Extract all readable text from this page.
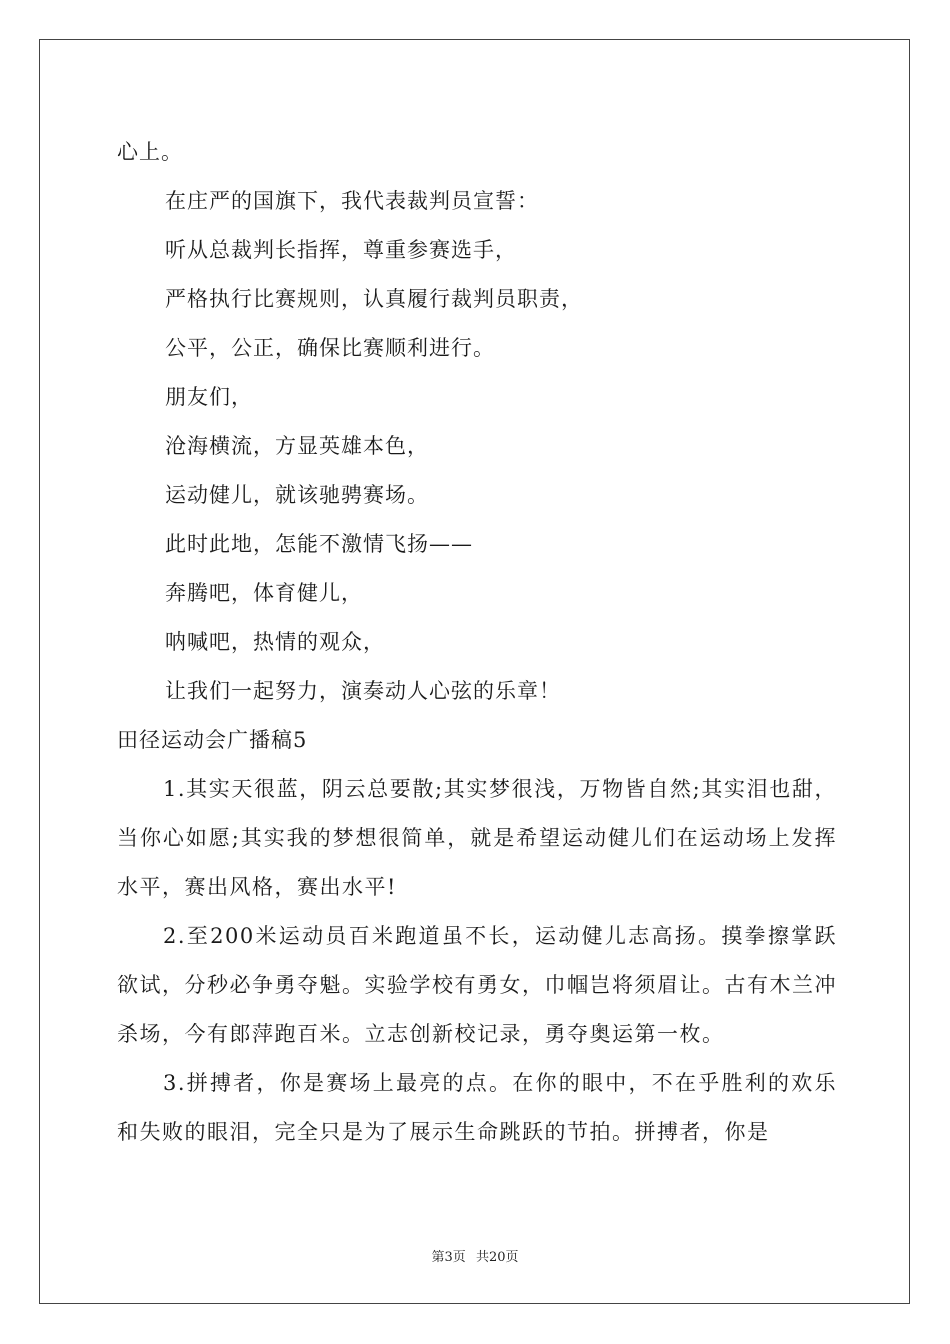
心上。
在庄严的国旗下，我代表裁判员宣誓：
听从总裁判长指挥，尊重参赛选手，
严格执行比赛规则，认真履行裁判员职责，
公平，公正，确保比赛顺利进行。
朋友们，
沧海横流，方显英雄本色，
运动健儿，就该驰骋赛场。
此时此地，怎能不激情飞扬——
奔腾吧，体育健儿，
呐喊吧，热情的观众，
让我们一起努力，演奏动人心弦的乐章！
田径运动会广播稿5

1.其实天很蓝，阴云总要散;其实梦很浅，万物皆自然;其实泪也甜，当你心如愿;其实我的梦想很简单，就是希望运动健儿们在运动场上发挥水平，赛出风格，赛出水平!

2.至200米运动员百米跑道虽不长，运动健儿志高扬。摸拳擦掌跃欲试，分秒必争勇夺魁。实验学校有勇女，巾帼岂将须眉让。古有木兰冲杀场，今有郎萍跑百米。立志创新校记录，勇夺奥运第一枚。

3.拼搏者，你是赛场上最亮的点。在你的眼中，不在乎胜利的欢乐和失败的眼泪，完全只是为了展示生命跳跃的节拍。拼搏者，你是

第3页 共20页
